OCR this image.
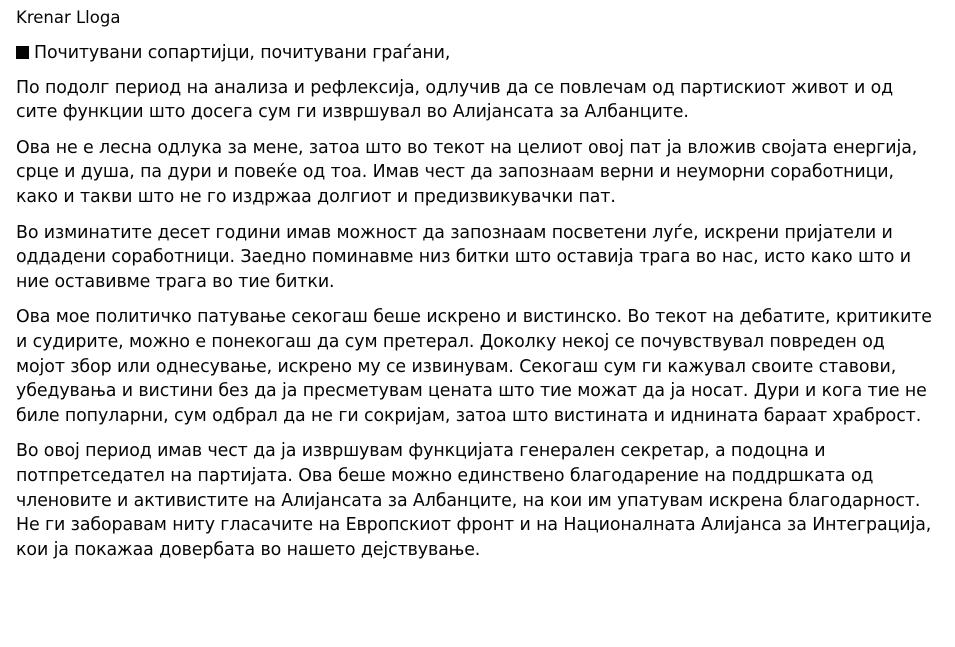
Krenar Lloga

Почитувани сопартијци, почитувани граѓани,

По подолг период на анализа и рефлексија, одлучив да се повлечам од партискиот живот и од сите функции што досега сум ги извршувал во Алијансата за Албанците.

Ова не е лесна одлука за мене, затоа што во текот на целиот овој пат ја вложив својата енергија, срце и душа, па дури и повеќе од тоа. Имав чест да запознаам верни и неуморни соработници, како и такви што не го издржаа долгиот и предизвикувачки пат.

Во изминатите десет години имав можност да запознаам посветени луѓе, искрени пријатели и оддадени соработници. Заедно поминавме низ битки што оставија трага во нас, исто како што и ние оставивме трага во тие битки.

Ова мое политичко патување секогаш беше искрено и вистинско. Во текот на дебатите, критиките и судирите, можно е понекогаш да сум претерал. Доколку некој се почувствувал повреден од мојот збор или однесување, искрено му се извинувам. Секогаш сум ги кажувал своите ставови, убедувања и вистини без да ја пресметувам цената што тие можат да ја носат. Дури и кога тие не биле популарни, сум одбрал да не ги сокријам, затоа што вистината и иднината бараат храброст.

Во овој период имав чест да ја извршувам функцијата генерален секретар, а подоцна и потпретседател на партијата. Ова беше можно единствено благодарение на поддршката од членовите и активистите на Алијансата за Албанците, на кои им упатувам искрена благодарност. Не ги заборавам ниту гласачите на Европскиот фронт и на Националната Алијанса за Интеграција, кои ја покажаа довербата во нашето дејствување.
